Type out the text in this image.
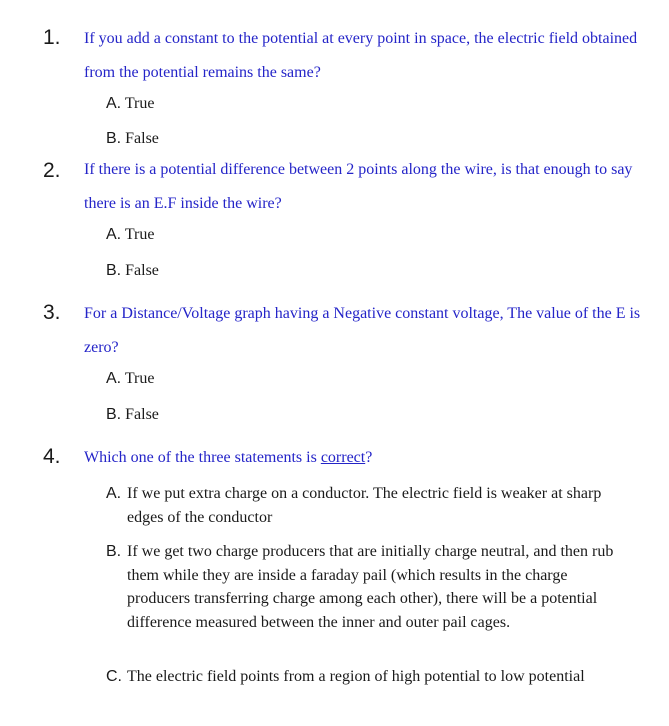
1. If you add a constant to the potential at every point in space, the electric field obtained from the potential remains the same?
A. True
B. False
2. If there is a potential difference between 2 points along the wire, is that enough to say there is an E.F inside the wire?
A. True
B. False
3. For a Distance/Voltage graph having a Negative constant voltage, The value of the E is zero?
A. True
B. False
4. Which one of the three statements is correct?
A. If we put extra charge on a conductor. The electric field is weaker at sharp edges of the conductor
B. If we get two charge producers that are initially charge neutral, and then rub them while they are inside a faraday pail (which results in the charge producers transferring charge among each other), there will be a potential difference measured between the inner and outer pail cages.
C. The electric field points from a region of high potential to low potential
